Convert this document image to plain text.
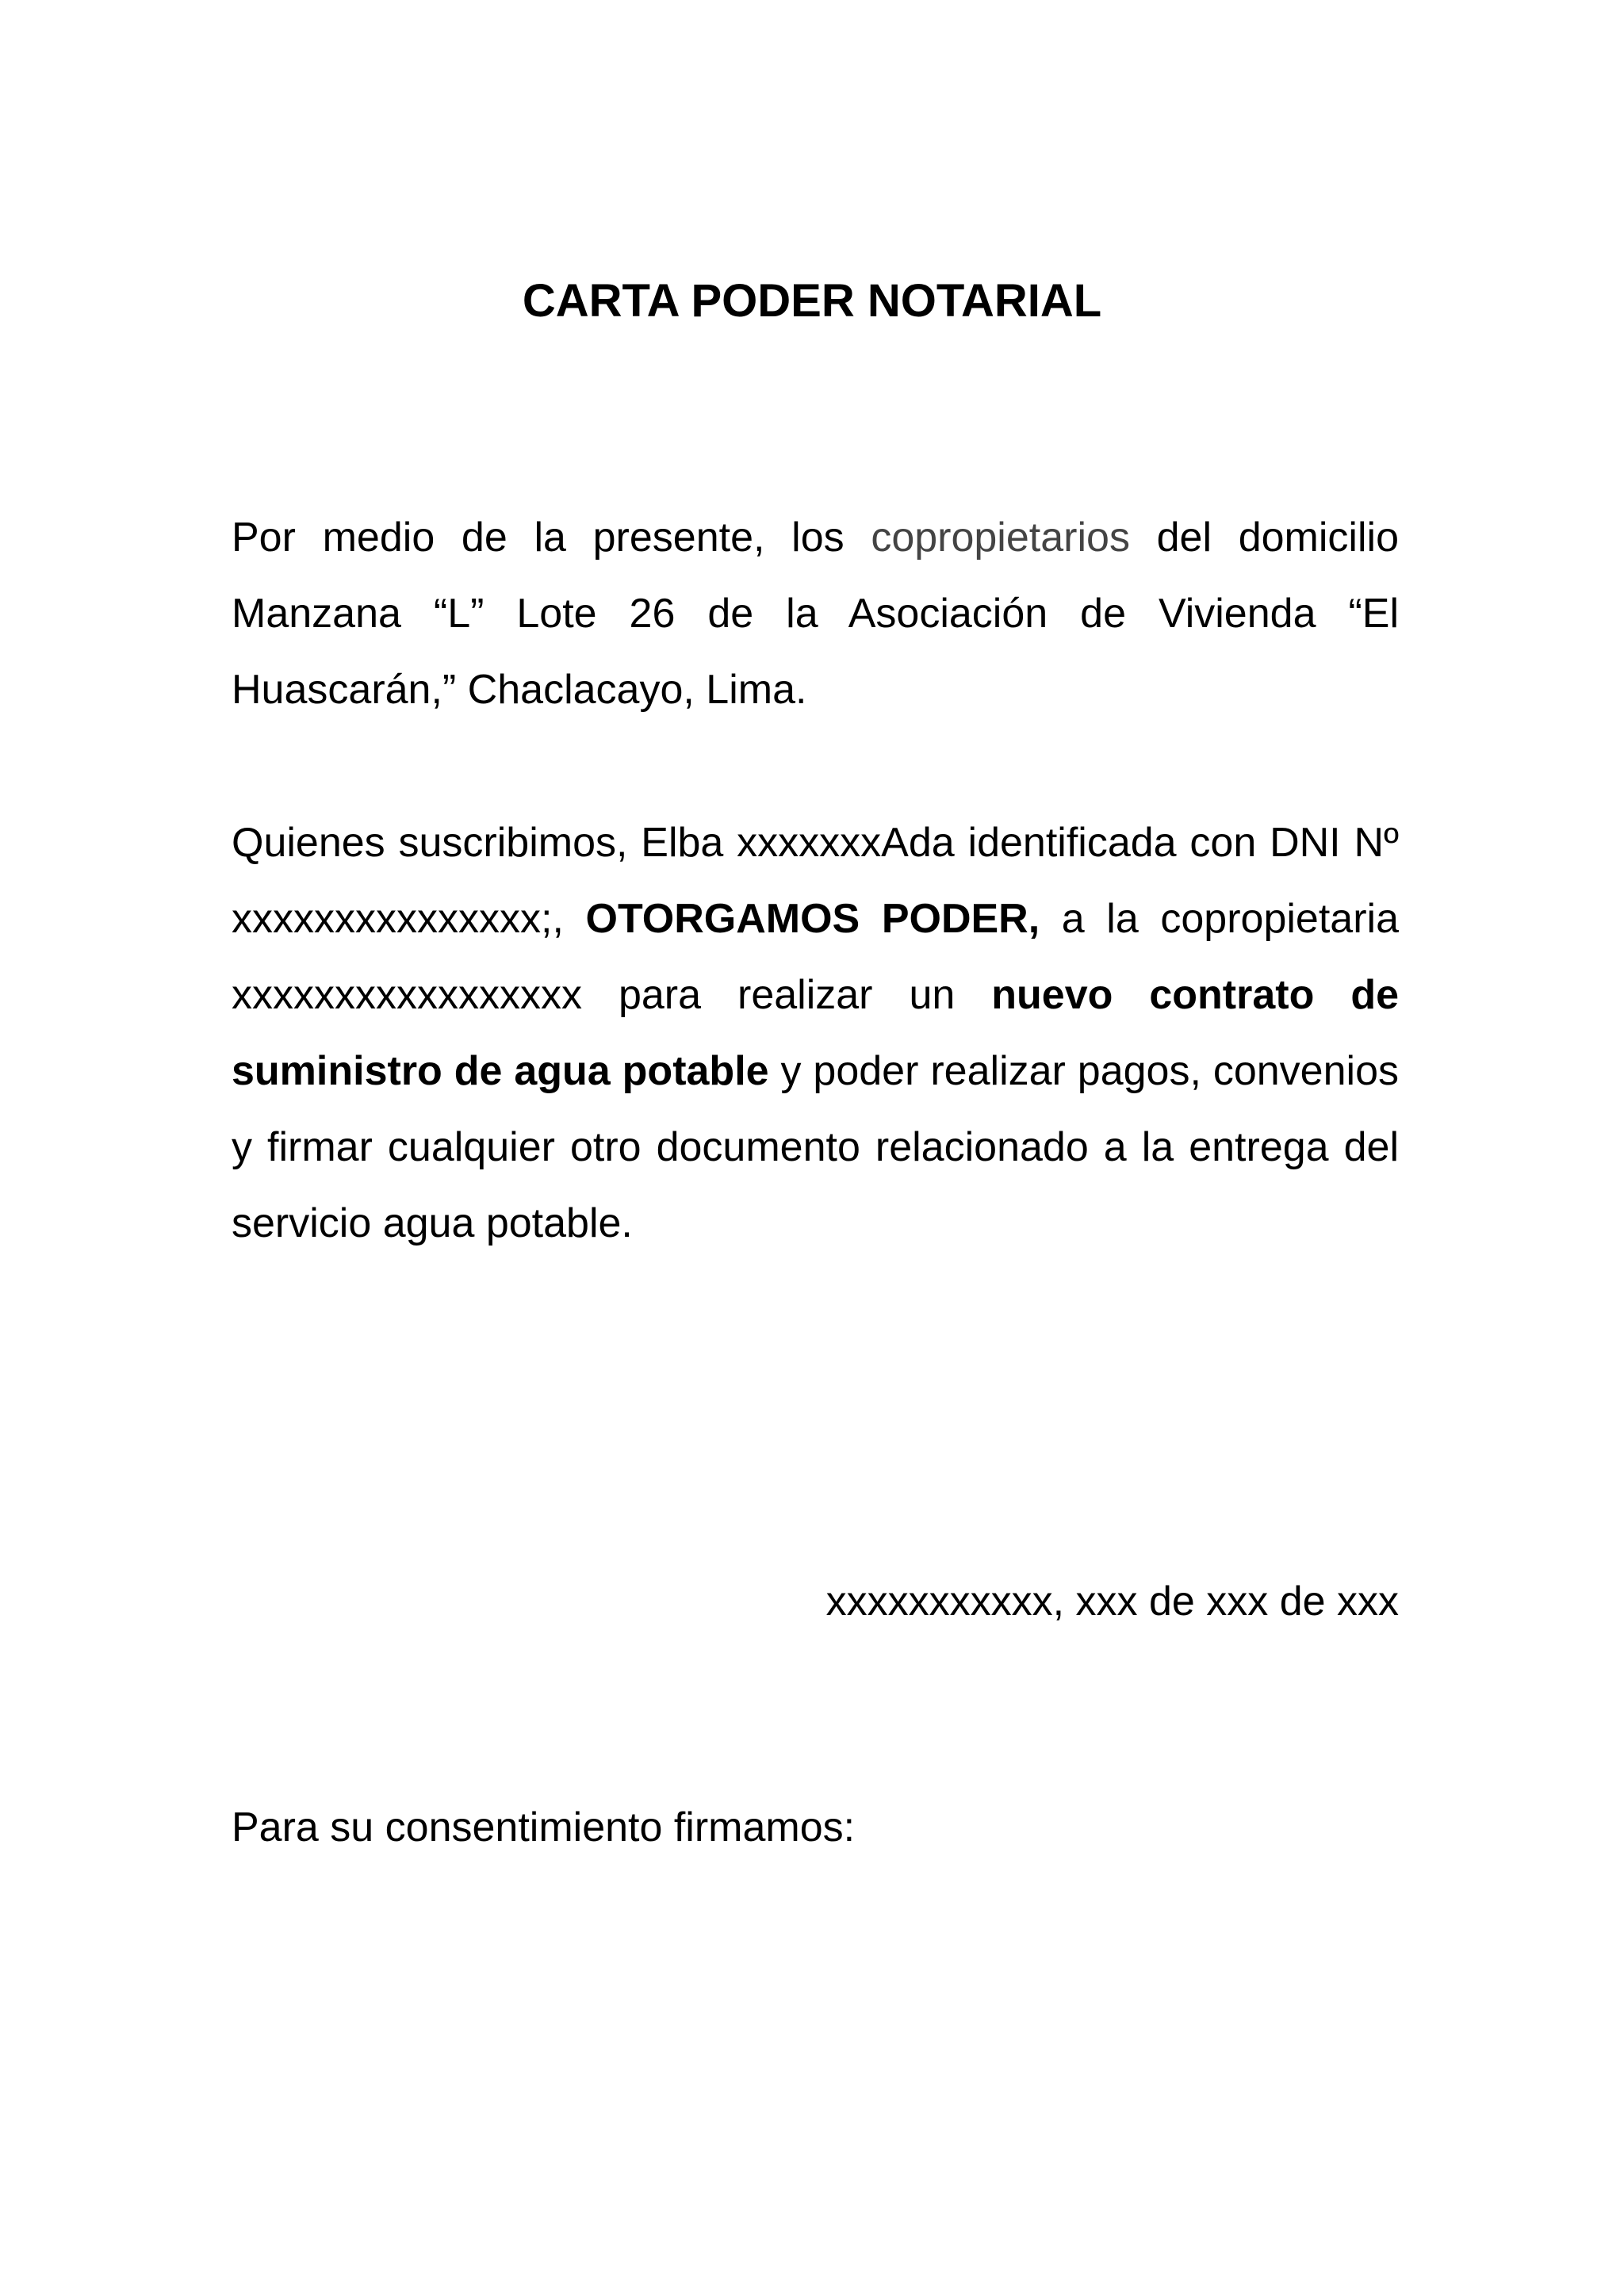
CARTA PODER NOTARIAL

Por medio de la presente, los copropietarios del domicilio Manzana “L” Lote 26 de la Asociación de Vivienda “El Huascarán,” Chaclacayo, Lima.

Quienes suscribimos, Elba xxxxxxxAda identificada con DNI Nº xxxxxxxxxxxxxxx;, OTORGAMOS PODER, a la copropietaria xxxxxxxxxxxxxxxxx para realizar un nuevo contrato de suministro de agua potable y poder realizar pagos, convenios y firmar cualquier otro documento relacionado a la entrega del servicio agua potable.

xxxxxxxxxxx, xxx de xxx de xxx

Para su consentimiento firmamos:
